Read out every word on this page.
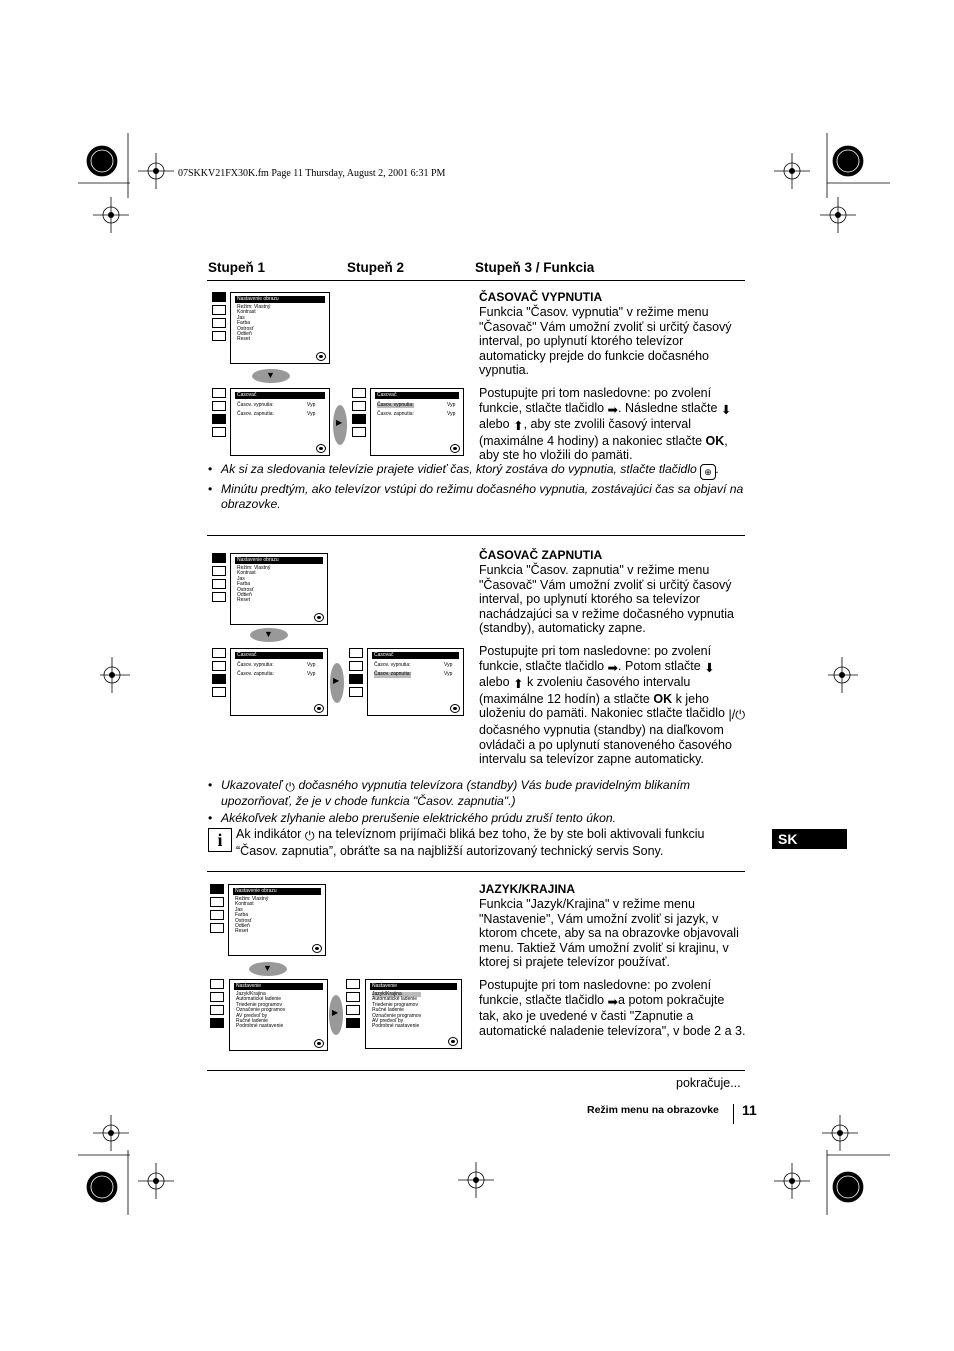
07SKKV21FX30K.fm Page 11 Thursday, August 2, 2001 6:31 PM
Stupeň 1	Stupeň 2	Stupeň 3 / Funkcia
Nastavenie obrazu
Režim: Vlastný
Kontrast
Jas
Farba
Ostrosť
Odtieň
Reset
▼
Časovač
Časov. vypnutia:	Vyp
Časov. zapnutia:	Vyp
▶
Časovač
Časov. vypnutia:	Vyp
Časov. zapnutia:	Vyp
ČASOVAČ VYPNUTIA

Funkcia "Časov. vypnutia" v režime menu "Časovač" Vám umožní zvoliť si určitý časový interval, po uplynutí ktorého televízor automaticky prejde do funkcie dočasného vypnutia.

Postupujte pri tom nasledovne: po zvolení funkcie, stlačte tlačidlo ➡. Následne stlačte ⬇ alebo ⬆, aby ste zvolili časový interval (maximálne 4 hodiny) a nakoniec stlačte OK, aby ste ho vložili do pamäti.

• Ak si za sledovania televízie prajete vidieť čas, ktorý zostáva do vypnutia, stlačte tlačidlo ⊕ .
• Minútu predtým, ako televízor vstúpi do režimu dočasného vypnutia, zostávajúci čas sa objaví na obrazovke.
Nastavenie obrazu
Režim: Vlastný
Kontrast
Jas
Farba
Ostrosť
Odtieň
Reset
▼
Časovač
Časov. vypnutia:	Vyp
Časov. zapnutia:	Vyp
▶
Časovač
Časov. vypnutia:	Vyp
Časov. zapnutia:	Vyp
ČASOVAČ ZAPNUTIA

Funkcia "Časov. zapnutia" v režime menu "Časovač" Vám umožní zvoliť si určitý časový interval, po uplynutí ktorého sa televízor nachádzajúci sa v režime dočasného vypnutia (standby), automaticky zapne.

Postupujte pri tom nasledovne: po zvolení funkcie, stlačte tlačidlo ➡. Potom stlačte ⬇ alebo ⬆ k zvoleniu časového intervalu (maximálne 12 hodín) a stlačte OK k jeho uloženiu do pamäti. Nakoniec stlačte tlačidlo |/⏻ dočasného vypnutia (standby) na diaľkovom ovládači a po uplynutí stanoveného časového intervalu sa televízor zapne automaticky.

• Ukazovateľ ⏻ dočasného vypnutia televízora (standby) Vás bude pravidelným blikaním upozorňovať, že je v chode funkcia "Časov. zapnutia".)
• Akékoľvek zlyhanie alebo prerušenie elektrického prúdu zruší tento úkon.
i	Ak indikátor ⏻ na televíznom prijímači bliká bez toho, že by ste boli aktivovali funkciu “Časov. zapnutia”, obráťte sa na najbližší autorizovaný technický servis Sony.
SK
Nastavenie obrazu
Režim: Vlastný
Kontrast
Jas
Farba
Ostrosť
Odtieň
Reset
▼
Nastavenie
Jazyk/Krajina
Automatické ladenie
Triedenie programov
Označenie programov
AV predvoľ by
Ručné ladenie
Podrobné nastavenie
▶
Nastavenie
Jazyk/Krajina
Automatické ladenie
Triedenie programov
Ručné ladenie
Označenie programov
AV predvoľ by
Podrobné nastavenie
JAZYK/KRAJINA

Funkcia "Jazyk/Krajina" v režime menu "Nastavenie", Vám umožní zvoliť si jazyk, v ktorom chcete, aby sa na obrazovke objavovali menu. Taktiež Vám umožní zvoliť si krajinu, v ktorej si prajete televízor používať.

Postupujte pri tom nasledovne: po zvolení funkcie, stlačte tlačidlo ➡a potom pokračujte tak, ako je uvedené v časti "Zapnutie a automatické naladenie televízora", v bode 2 a 3.

pokračuje...
Režim menu na obrazovke 11
